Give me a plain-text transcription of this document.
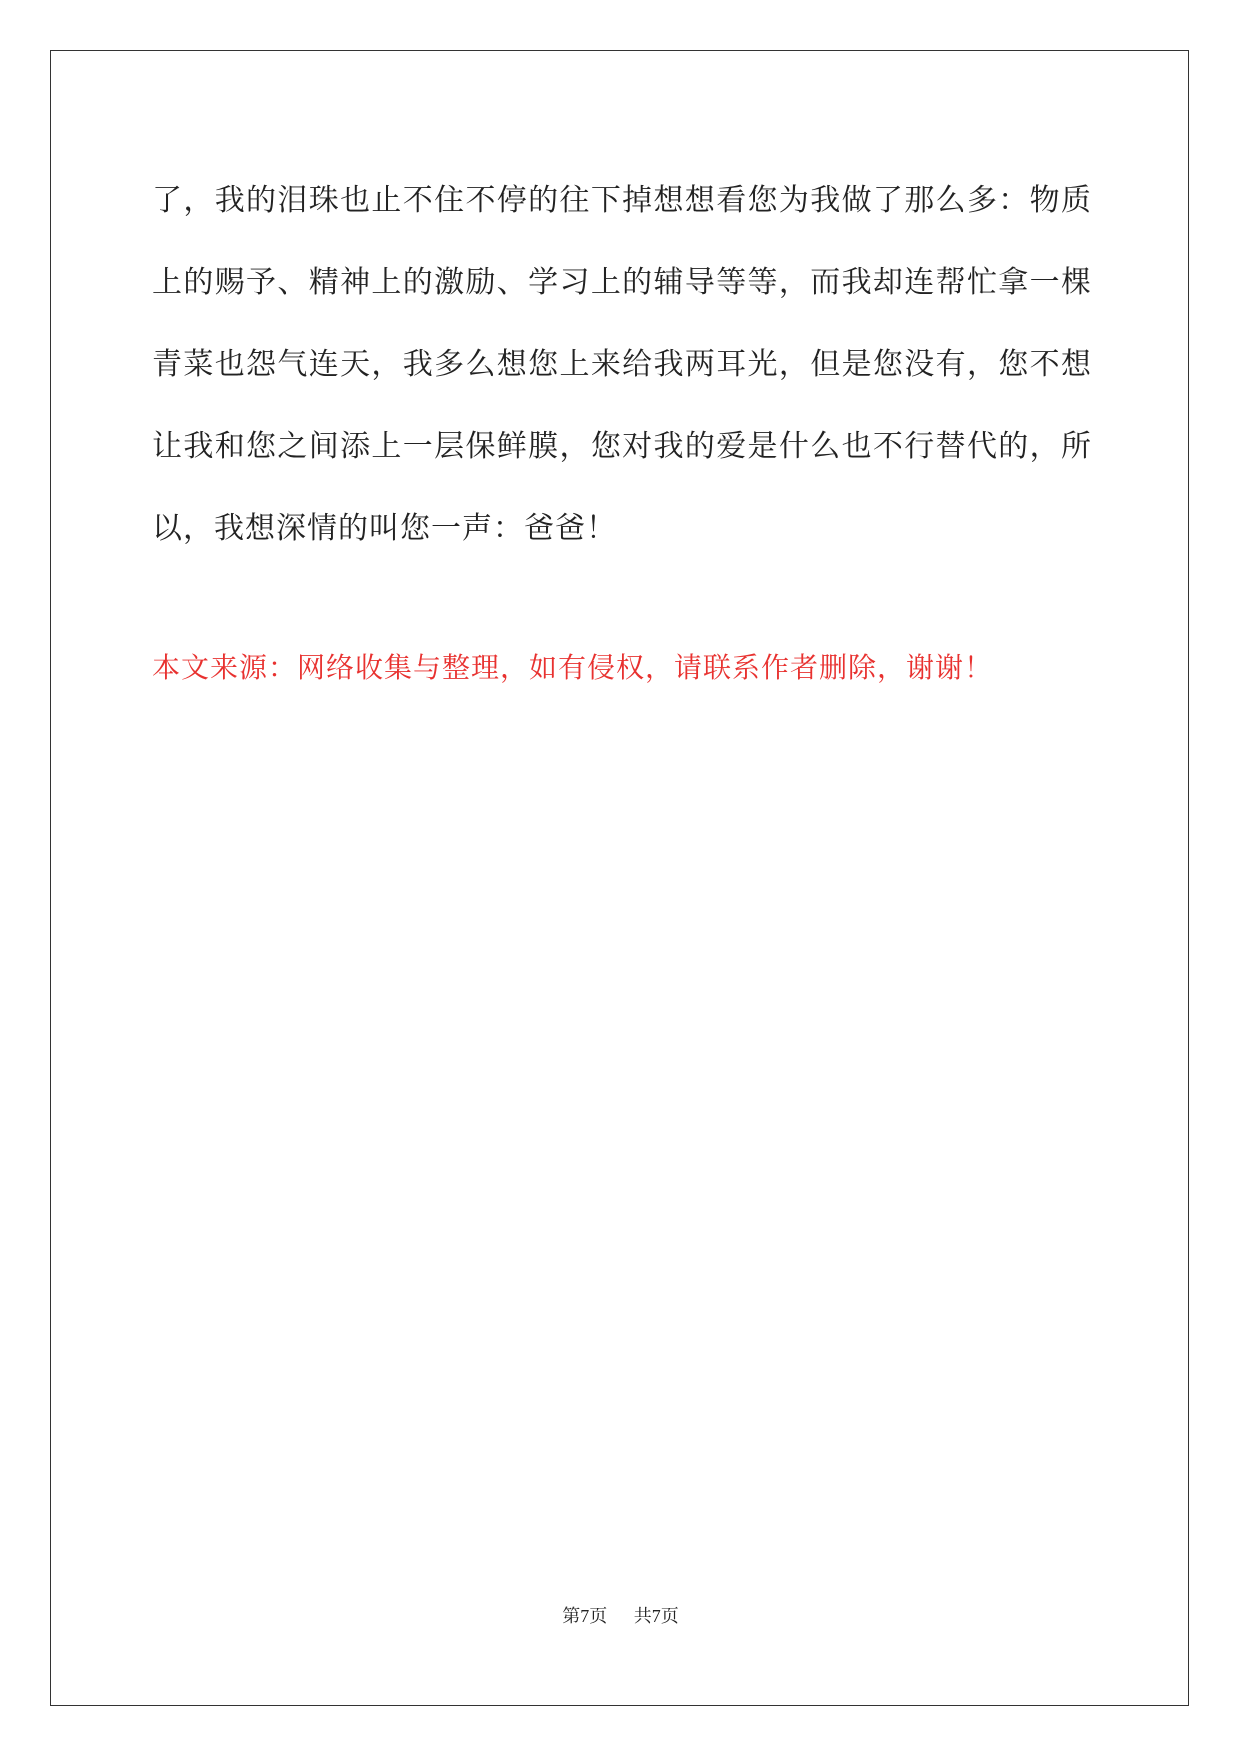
了，我的泪珠也止不住不停的往下掉想想看您为我做了那么多：物质上的赐予、精神上的激励、学习上的辅导等等，而我却连帮忙拿一棵青菜也怨气连天，我多么想您上来给我两耳光，但是您没有，您不想让我和您之间添上一层保鲜膜，您对我的爱是什么也不行替代的，所以，我想深情的叫您一声：爸爸！

本文来源：网络收集与整理，如有侵权，请联系作者删除，谢谢！

第7页 共7页
